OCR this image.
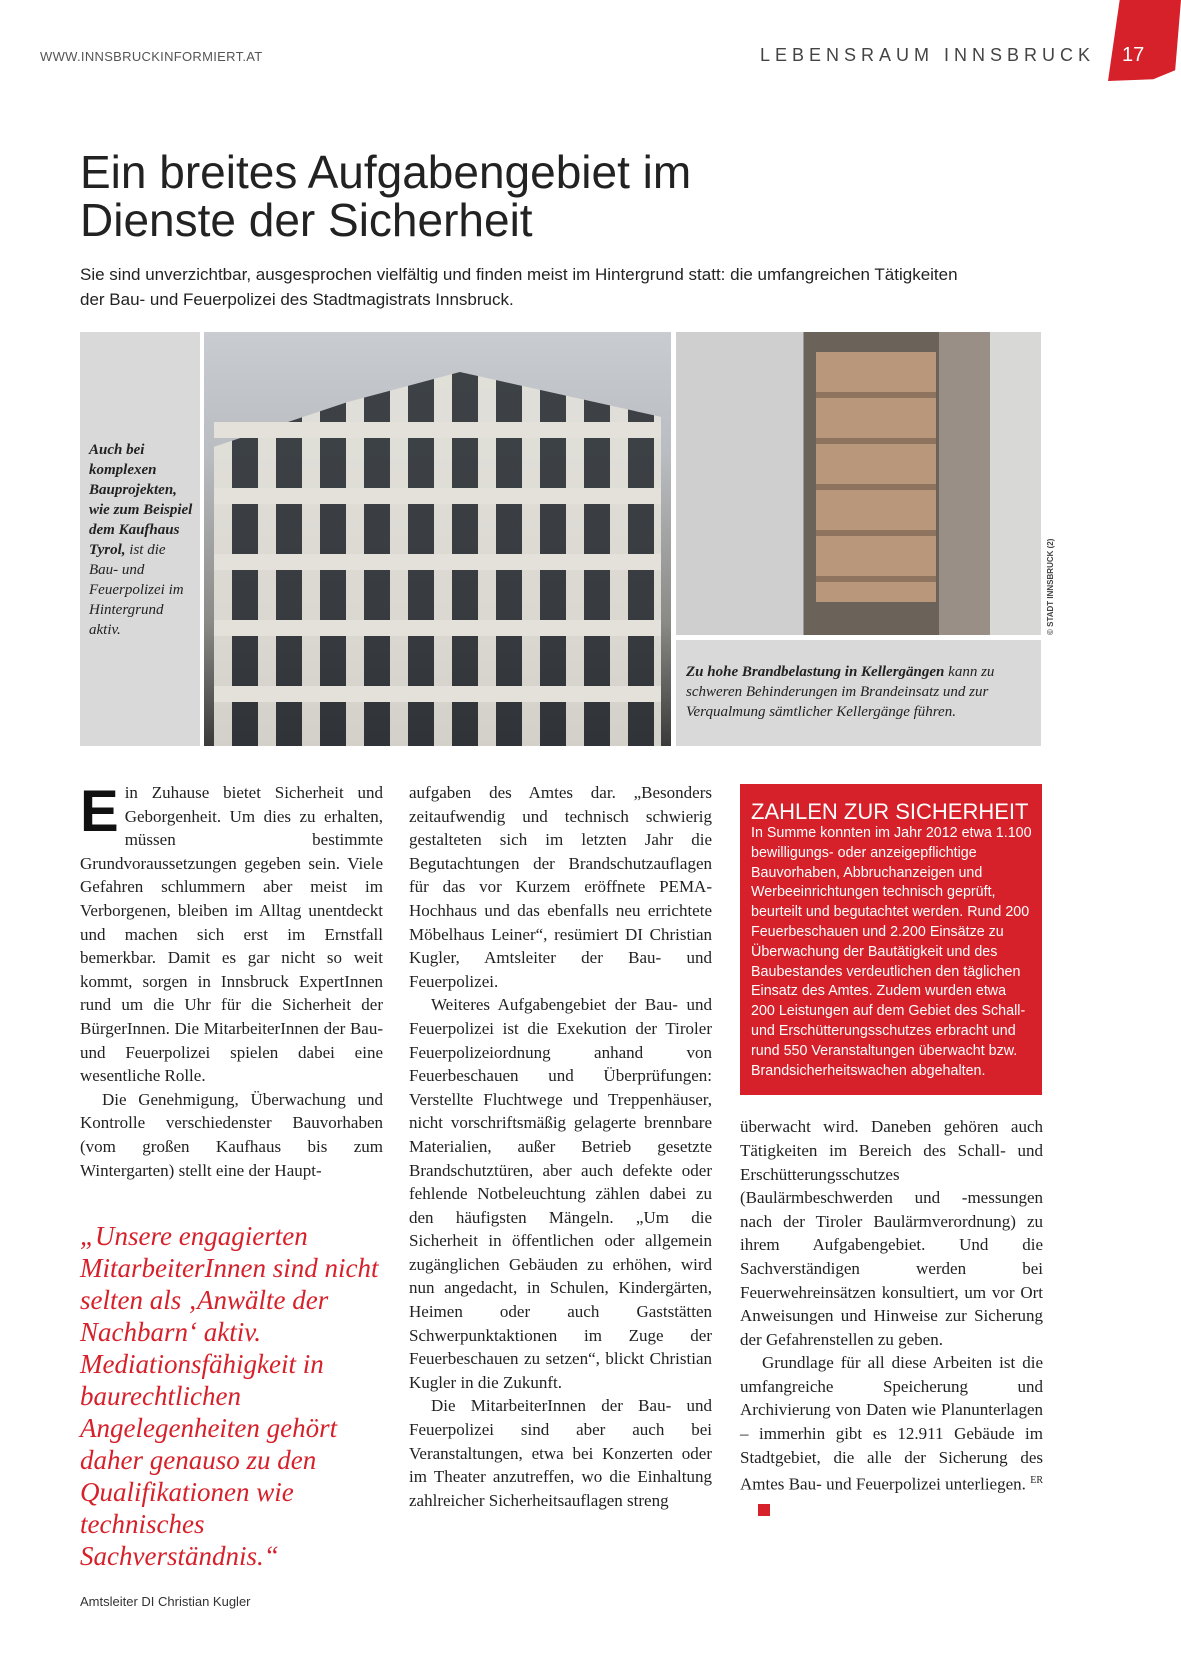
WWW.INNSBRUCKINFORMIERT.AT	LEBENSRAUM INNSBRUCK 17
Ein breites Aufgabengebiet im Dienste der Sicherheit

Sie sind unverzichtbar, ausgesprochen vielfältig und finden meist im Hintergrund statt: die umfangreichen Tätigkeiten der Bau- und Feuerpolizei des Stadtmagistrats Innsbruck.

Auch bei komplexen Bauprojekten, wie zum Beispiel dem Kaufhaus Tyrol, ist die Bau- und Feuerpolizei im Hintergrund aktiv.
Zu hohe Brandbelastung in Kellergängen kann zu schweren Behinderungen im Brandeinsatz und zur Verqualmung sämtlicher Kellergänge führen.
© STADT INNSBRUCK (2)

Ein Zuhause bietet Sicherheit und Geborgenheit. Um dies zu erhalten, müssen bestimmte Grundvoraussetzungen gegeben sein. Viele Gefahren schlummern aber meist im Verborgenen, bleiben im Alltag unentdeckt und machen sich erst im Ernstfall bemerkbar. Damit es gar nicht so weit kommt, sorgen in Innsbruck ExpertInnen rund um die Uhr für die Sicherheit der BürgerInnen. Die MitarbeiterInnen der Bau- und Feuerpolizei spielen dabei eine wesentliche Rolle.

Die Genehmigung, Überwachung und Kontrolle verschiedenster Bauvorhaben (vom großen Kaufhaus bis zum Wintergarten) stellt eine der Haupt-

„Unsere engagierten MitarbeiterInnen sind nicht selten als ‚Anwälte der Nachbarn‘ aktiv. Mediationsfähigkeit in baurechtlichen Angelegenheiten gehört daher genauso zu den Qualifikationen wie technisches Sachverständnis.“
Amtsleiter DI Christian Kugler

aufgaben des Amtes dar. „Besonders zeitaufwendig und technisch schwierig gestalteten sich im letzten Jahr die Begutachtungen der Brandschutzauflagen für das vor Kurzem eröffnete PEMA-Hochhaus und das ebenfalls neu errichtete Möbelhaus Leiner“, resümiert DI Christian Kugler, Amtsleiter der Bau- und Feuerpolizei.

Weiteres Aufgabengebiet der Bau- und Feuerpolizei ist die Exekution der Tiroler Feuerpolizeiordnung anhand von Feuerbeschauen und Überprüfungen: Verstellte Fluchtwege und Treppenhäuser, nicht vorschriftsmäßig gelagerte brennbare Materialien, außer Betrieb gesetzte Brandschutztüren, aber auch defekte oder fehlende Notbeleuchtung zählen dabei zu den häufigsten Mängeln. „Um die Sicherheit in öffentlichen oder allgemein zugänglichen Gebäuden zu erhöhen, wird nun angedacht, in Schulen, Kindergärten, Heimen oder auch Gaststätten Schwerpunktaktionen im Zuge der Feuerbeschauen zu setzen“, blickt Christian Kugler in die Zukunft.

Die MitarbeiterInnen der Bau- und Feuerpolizei sind aber auch bei Veranstaltungen, etwa bei Konzerten oder im Theater anzutreffen, wo die Einhaltung zahlreicher Sicherheitsauflagen streng

ZAHLEN ZUR SICHERHEIT

In Summe konnten im Jahr 2012 etwa 1.100 bewilligungs- oder anzeigepflichtige Bauvorhaben, Abbruchanzeigen und Werbeeinrichtungen technisch geprüft, beurteilt und begutachtet werden. Rund 200 Feuerbeschauen und 2.200 Einsätze zu Überwachung der Bautätigkeit und des Baubestandes verdeutlichen den täglichen Einsatz des Amtes. Zudem wurden etwa 200 Leistungen auf dem Gebiet des Schall- und Erschütterungsschutzes erbracht und rund 550 Veranstaltungen überwacht bzw. Brandsicherheitswachen abgehalten.

überwacht wird. Daneben gehören auch Tätigkeiten im Bereich des Schall- und Erschütterungsschutzes (Baulärmbeschwerden und -messungen nach der Tiroler Baulärmverordnung) zu ihrem Aufgabengebiet. Und die Sachverständigen werden bei Feuerwehreinsätzen konsultiert, um vor Ort Anweisungen und Hinweise zur Sicherung der Gefahrenstellen zu geben.

Grundlage für all diese Arbeiten ist die umfangreiche Speicherung und Archivierung von Daten wie Planunterlagen – immerhin gibt es 12.911 Gebäude im Stadtgebiet, die alle der Sicherung des Amtes Bau- und Feuerpolizei unterliegen. $^{ER}$
